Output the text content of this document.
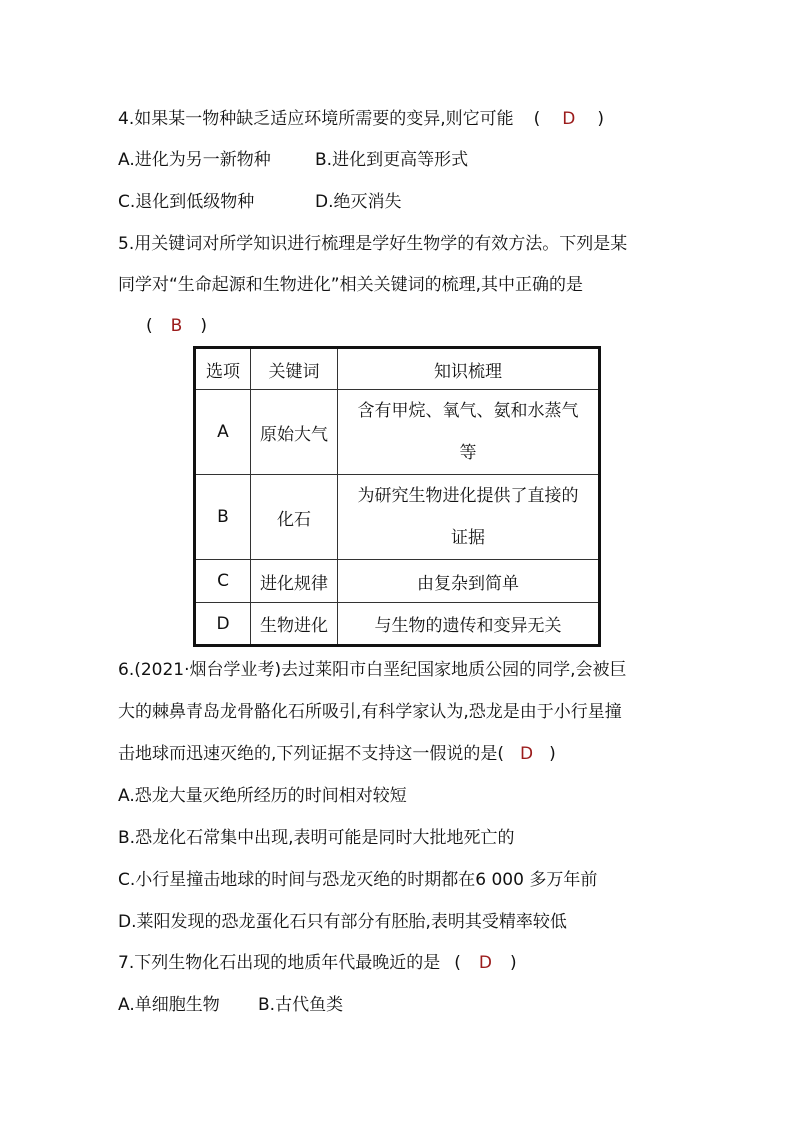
4.如果某一物种缺乏适应环境所需要的变异,则它可能 ( D )
A.进化为另一新物种	B.进化到更高等形式
C.退化到低级物种	D.绝灭消失
5.用关键词对所学知识进行梳理是学好生物学的有效方法。下列是某
同学对“生命起源和生物进化”相关关键词的梳理,其中正确的是
( B )
选项	关键词	知识梳理
A	原始大气	含有甲烷、氧气、氨和水蒸气
等

B	化石	为研究生物进化提供了直接的
证据

C	进化规律	由复杂到简单
D	生物进化	与生物的遗传和变异无关
6.(2021·烟台学业考)去过莱阳市白垩纪国家地质公园的同学,会被巨
大的棘鼻青岛龙骨骼化石所吸引,有科学家认为,恐龙是由于小行星撞
击地球而迅速灭绝的,下列证据不支持这一假说的是( D )
A.恐龙大量灭绝所经历的时间相对较短
B.恐龙化石常集中出现,表明可能是同时大批地死亡的
C.小行星撞击地球的时间与恐龙灭绝的时期都在6 000 多万年前
D.莱阳发现的恐龙蛋化石只有部分有胚胎,表明其受精率较低
7.下列生物化石出现的地质年代最晚近的是 ( D )
A.单细胞生物 B.古代鱼类
